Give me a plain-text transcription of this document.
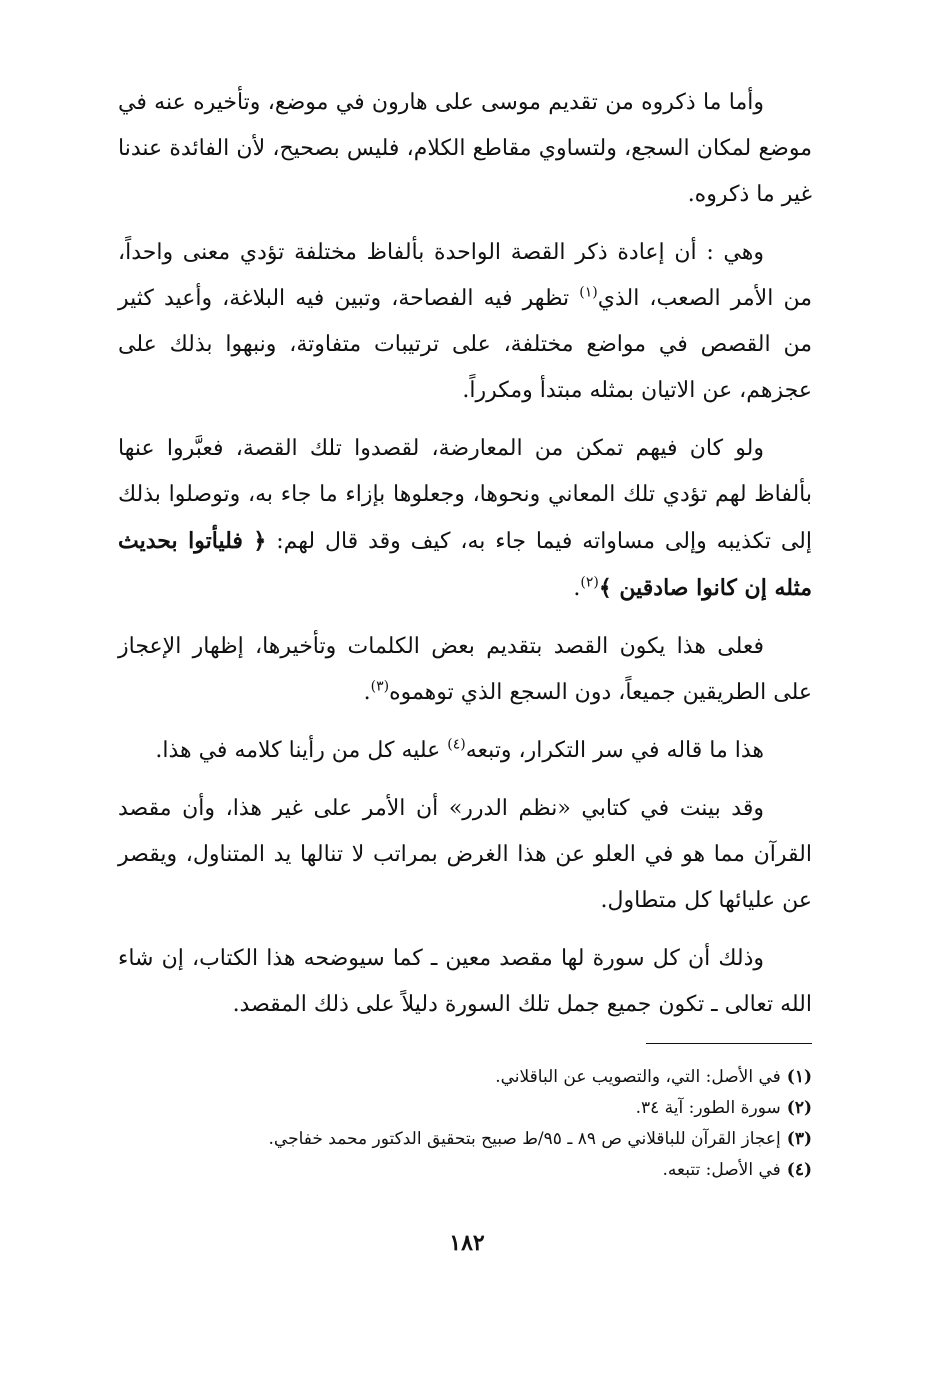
وأما ما ذكروه من تقديم موسى على هارون في موضع، وتأخيره عنه في موضع لمكان السجع، ولتساوي مقاطع الكلام، فليس بصحيح، لأن الفائدة عندنا غير ما ذكروه.

وهي : أن إعادة ذكر القصة الواحدة بألفاظ مختلفة تؤدي معنى واحداً، من الأمر الصعب، الذي$^{(١)}$ تظهر فيه الفصاحة، وتبين فيه البلاغة، وأعيد كثير من القصص في مواضع مختلفة، على ترتيبات متفاوتة، ونبهوا بذلك على عجزهم، عن الاتيان بمثله مبتدأ ومكرراً.

ولو كان فيهم تمكن من المعارضة، لقصدوا تلك القصة، فعبَّروا عنها بألفاظ لهم تؤدي تلك المعاني ونحوها، وجعلوها بإزاء ما جاء به، وتوصلوا بذلك إلى تكذيبه وإلى مساواته فيما جاء به، كيف وقد قال لهم: ﴿ فليأتوا بحديث مثله إن كانوا صادقين ﴾$^{(٢)}$.

فعلى هذا يكون القصد بتقديم بعض الكلمات وتأخيرها، إظهار الإعجاز على الطريقين جميعاً، دون السجع الذي توهموه$^{(٣)}$.

هذا ما قاله في سر التكرار، وتبعه$^{(٤)}$ عليه كل من رأينا كلامه في هذا.

وقد بينت في كتابي «نظم الدرر» أن الأمر على غير هذا، وأن مقصد القرآن مما هو في العلو عن هذا الغرض بمراتب لا تنالها يد المتناول، ويقصر عن عليائها كل متطاول.

وذلك أن كل سورة لها مقصد معين ـ كما سيوضحه هذا الكتاب، إن شاء الله تعالى ـ تكون جميع جمل تلك السورة دليلاً على ذلك المقصد.

(١)في الأصل: التي، والتصويب عن الباقلاني.

(٢)سورة الطور: آية ٣٤.

(٣)إعجاز القرآن للباقلاني ص ٨٩ ـ ٩٥/ط صبيح بتحقيق الدكتور محمد خفاجي.

(٤)في الأصل: تتبعه.

١٨٢
